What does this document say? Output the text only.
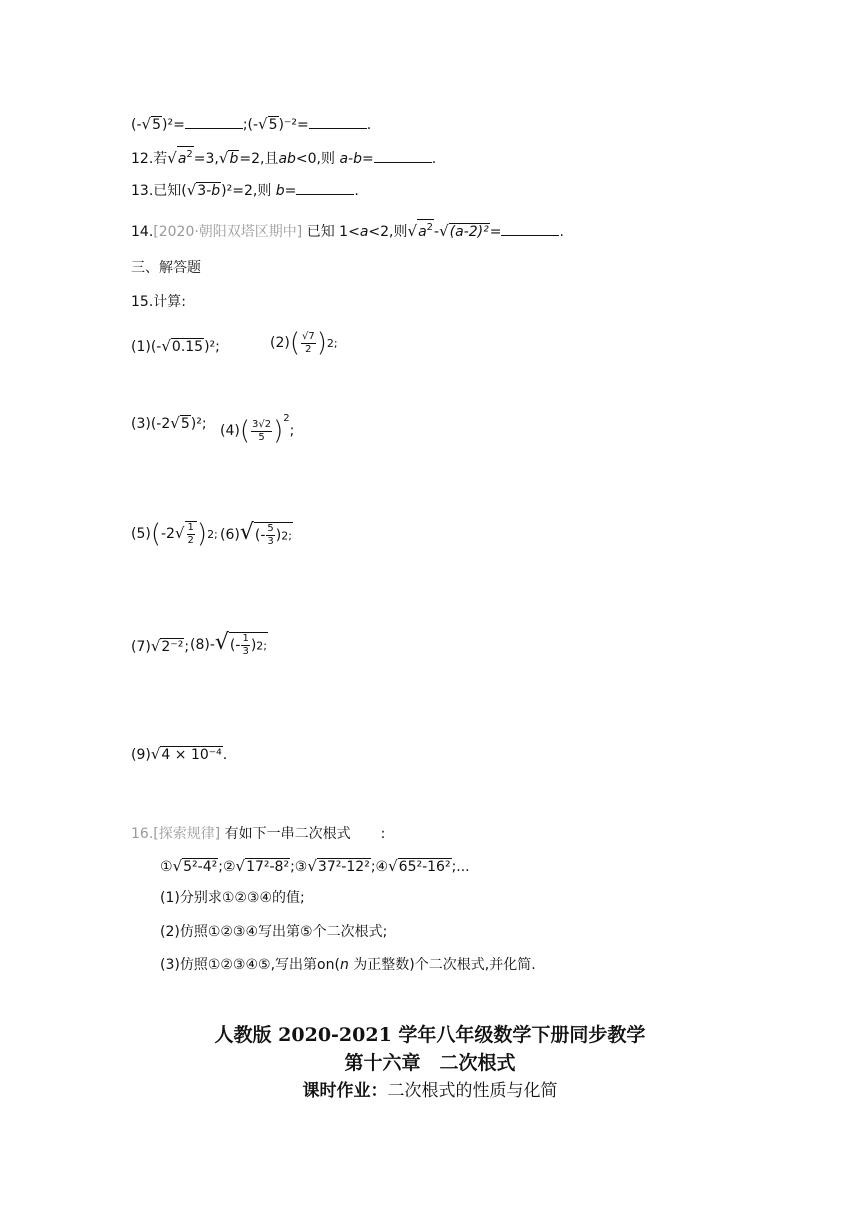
(-√5)²=	;(-√5)⁻²=	.
12.若$√a^2=3,√b=2$,且ab<0,则 a-b=	.
13.已知(√3-b)²=2,则 b=	.
14.[2020·朝阳双塔区期中] 已知 1<a<2,则$√a^2-√(a-2)^2=$	.
三、解答题
15.计算:
(1)(-√0.15)²;	$(2)( \frac{√7}{2} )2$;
(3)(-2√5)²; $(4)( \frac{3√2}{5} )^2$;
$(5)(-2√ \frac{1}{2} )2$; $(6)√(- \frac{5}{3} )2$;
(7)√2⁻²; $(8)-√(- \frac{1}{3} )2$;
(9)√4 × 10⁻⁴.
16.[探索规律] 有如下一串二次根式 :
①√5²-4²;②√17²-8²;③√37²-12²;④√65²-16²;...
(1)分别求①②③④的值;
(2)仿照①②③④写出第⑤个二次根式;
(3)仿照①②③④⑤,写出第on(n 为正整数)个二次根式,并化简.
人教版 2020-2021 学年八年级数学下册同步教学
第十六章　二次根式
课时作业：二次根式的性质与化简
